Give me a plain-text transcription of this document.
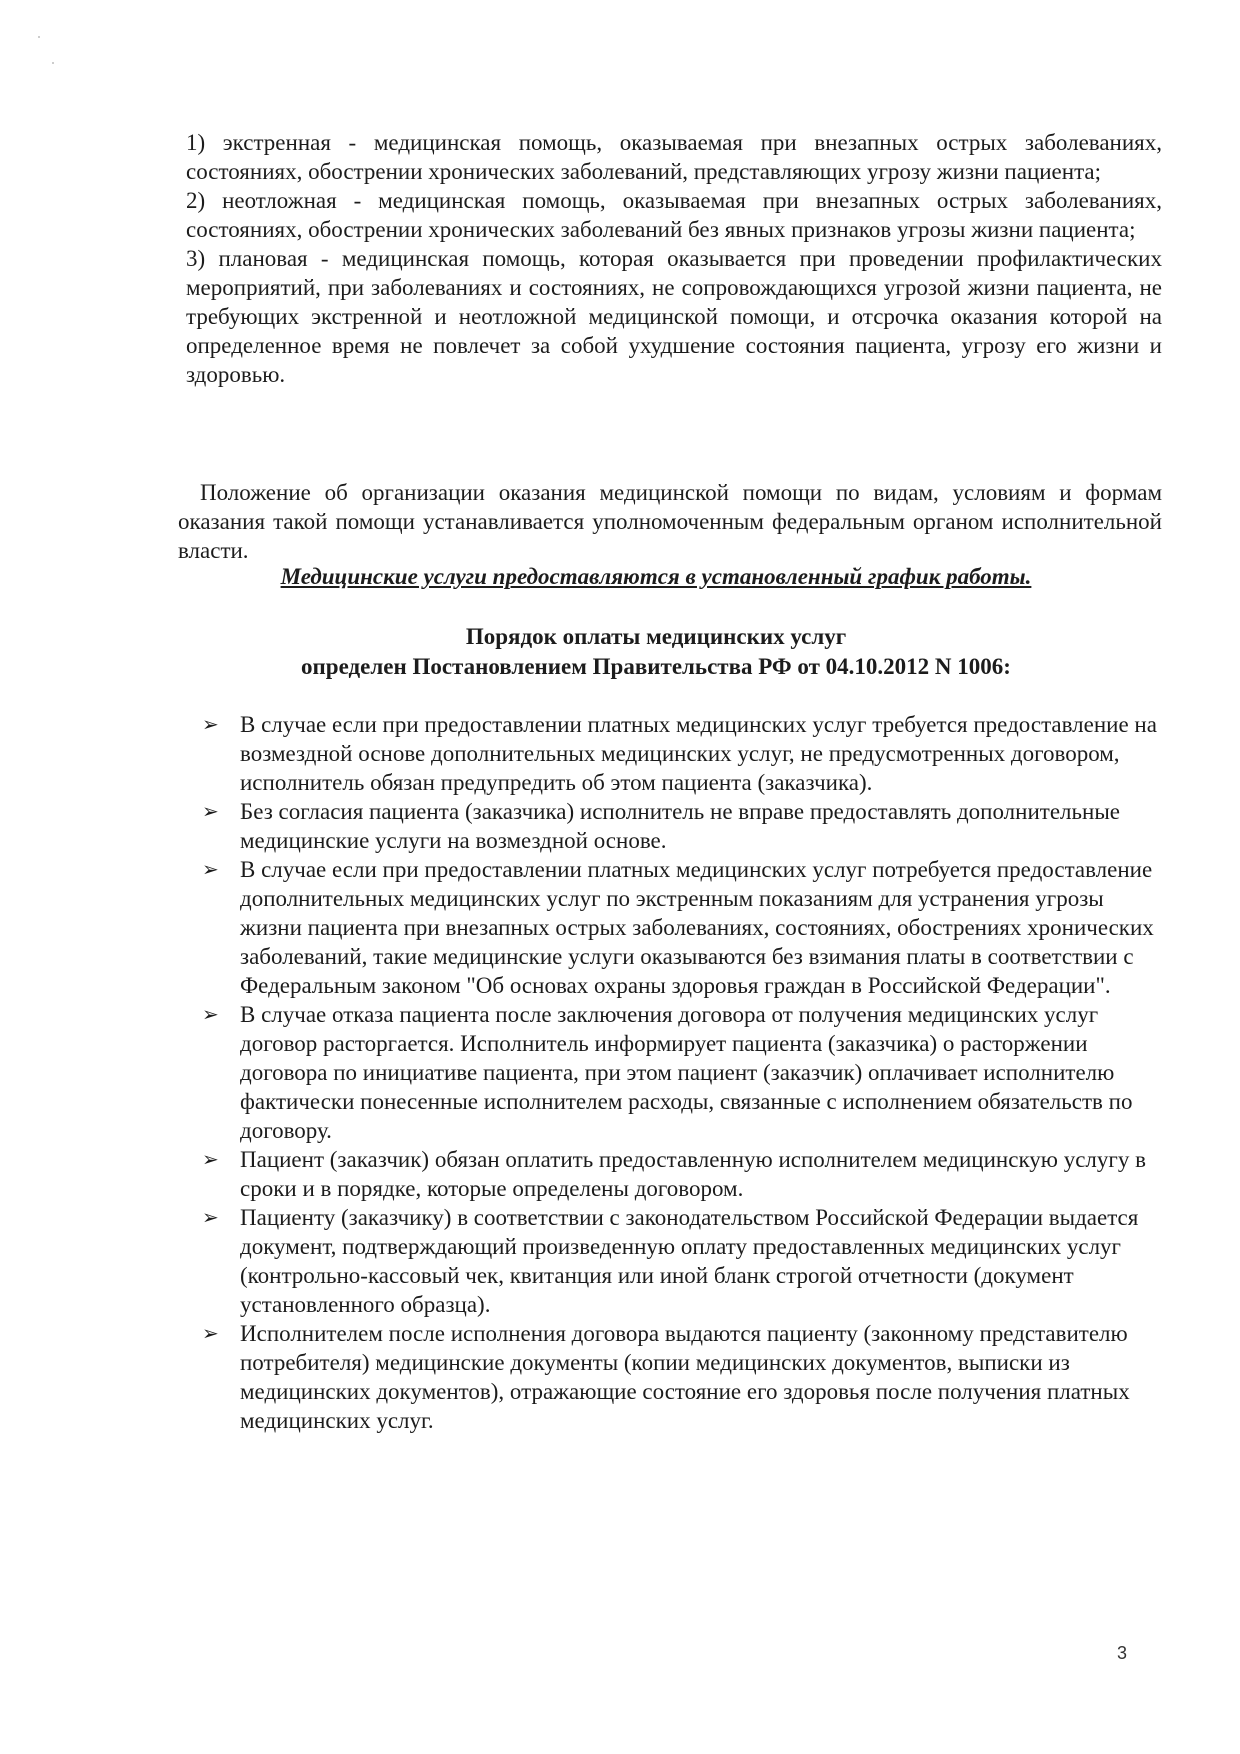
1) экстренная - медицинская помощь, оказываемая при внезапных острых заболеваниях, состояниях, обострении хронических заболеваний, представляющих угрозу жизни пациента;

2) неотложная - медицинская помощь, оказываемая при внезапных острых заболеваниях, состояниях, обострении хронических заболеваний без явных признаков угрозы жизни пациента;

3) плановая - медицинская помощь, которая оказывается при проведении профилактических мероприятий, при заболеваниях и состояниях, не сопровождающихся угрозой жизни пациента, не требующих экстренной и неотложной медицинской помощи, и отсрочка оказания которой на определенное время не повлечет за собой ухудшение состояния пациента, угрозу его жизни и здоровью.

Положение об организации оказания медицинской помощи по видам, условиям и формам оказания такой помощи устанавливается уполномоченным федеральным органом исполнительной власти.

Медицинские услуги предоставляются в установленный график работы.
Порядок оплаты медицинских услуг
определен Постановлением Правительства РФ от 04.10.2012 N 1006:

➢ В случае если при предоставлении платных медицинских услуг требуется предоставление на возмездной основе дополнительных медицинских услуг, не предусмотренных договором, исполнитель обязан предупредить об этом пациента (заказчика).

➢ Без согласия пациента (заказчика) исполнитель не вправе предоставлять дополнительные медицинские услуги на возмездной основе.

➢ В случае если при предоставлении платных медицинских услуг потребуется предоставление дополнительных медицинских услуг по экстренным показаниям для устранения угрозы жизни пациента при внезапных острых заболеваниях, состояниях, обострениях хронических заболеваний, такие медицинские услуги оказываются без взимания платы в соответствии с Федеральным законом "Об основах охраны здоровья граждан в Российской Федерации".

➢ В случае отказа пациента после заключения договора от получения медицинских услуг договор расторгается. Исполнитель информирует пациента (заказчика) о расторжении договора по инициативе пациента, при этом пациент (заказчик) оплачивает исполнителю фактически понесенные исполнителем расходы, связанные с исполнением обязательств по договору.

➢ Пациент (заказчик) обязан оплатить предоставленную исполнителем медицинскую услугу в сроки и в порядке, которые определены договором.

➢ Пациенту (заказчику) в соответствии с законодательством Российской Федерации выдается документ, подтверждающий произведенную оплату предоставленных медицинских услуг (контрольно-кассовый чек, квитанция или иной бланк строгой отчетности (документ установленного образца).

➢ Исполнителем после исполнения договора выдаются пациенту (законному представителю потребителя) медицинские документы (копии медицинских документов, выписки из медицинских документов), отражающие состояние его здоровья после получения платных медицинских услуг.

3
